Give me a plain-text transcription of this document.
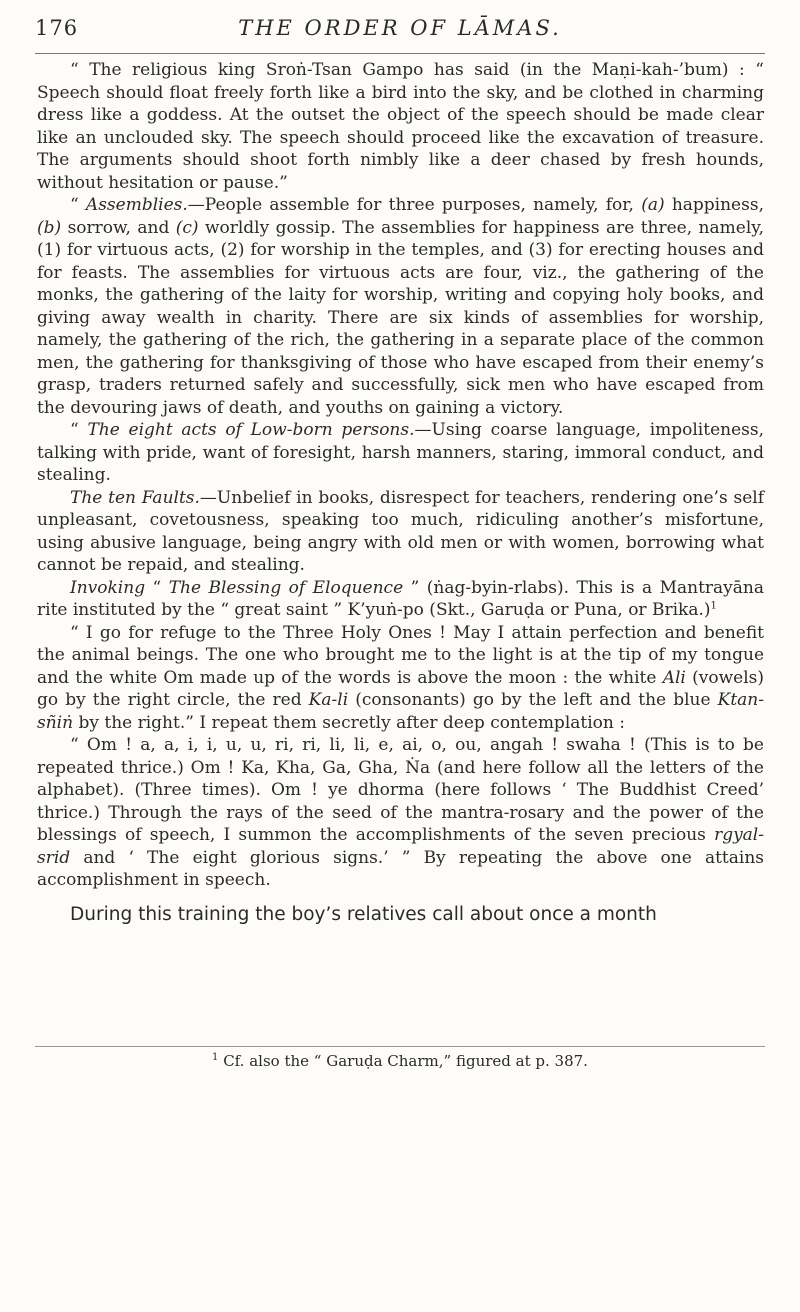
176	THE ORDER OF LĀMAS.

“ The religious king Sroṅ-Tsan Gampo has said (in the Maṇi-kah-’bum) : “ Speech should float freely forth like a bird into the sky, and be clothed in charming dress like a goddess. At the outset the object of the speech should be made clear like an unclouded sky. The speech should proceed like the excavation of treasure. The arguments should shoot forth nimbly like a deer chased by fresh hounds, without hesitation or pause.”

“ Assemblies.—People assemble for three purposes, namely, for, (a) happiness, (b) sorrow, and (c) worldly gossip. The assemblies for happiness are three, namely, (1) for virtuous acts, (2) for worship in the temples, and (3) for erecting houses and for feasts. The assemblies for virtuous acts are four, viz., the gathering of the monks, the gathering of the laity for worship, writing and copying holy books, and giving away wealth in charity. There are six kinds of assemblies for worship, namely, the gathering of the rich, the gathering in a separate place of the common men, the gathering for thanksgiving of those who have escaped from their enemy’s grasp, traders returned safely and successfully, sick men who have escaped from the devouring jaws of death, and youths on gaining a victory.

“ The eight acts of Low-born persons.—Using coarse language, impoliteness, talking with pride, want of foresight, harsh manners, staring, immoral conduct, and stealing.

The ten Faults.—Unbelief in books, disrespect for teachers, rendering one’s self unpleasant, covetousness, speaking too much, ridiculing another’s misfortune, using abusive language, being angry with old men or with women, borrowing what cannot be repaid, and stealing.

Invoking “ The Blessing of Eloquence ” (ṅag-byin-rlabs). This is a Mantrayāna rite instituted by the “ great saint ” K’yuṅ-po (Skt., Garuḍa or Puna, or Brika.)$^1$

“ I go for refuge to the Three Holy Ones ! May I attain perfection and benefit the animal beings. The one who brought me to the light is at the tip of my tongue and the white Om made up of the words is above the moon : the white Ali (vowels) go by the right circle, the red Ka-li (consonants) go by the left and the blue Ktan-sñiṅ by the right.” I repeat them secretly after deep contemplation :

“ Om ! a, a, i, i, u, u, ri, ri, li, li, e, ai, o, ou, angah ! swaha ! (This is to be repeated thrice.) Om ! Ka, Kha, Ga, Gha, Ṅa (and here follow all the letters of the alphabet). (Three times). Om ! ye dhorma (here follows ‘ The Buddhist Creed’ thrice.) Through the rays of the seed of the mantra-rosary and the power of the blessings of speech, I summon the accomplishments of the seven precious rgyal-srid and ‘ The eight glorious signs.’ ” By repeating the above one attains accomplishment in speech.

During this training the boy’s relatives call about once a month

$^1$ Cf. also the “ Garuḍa Charm,” figured at p. 387.
